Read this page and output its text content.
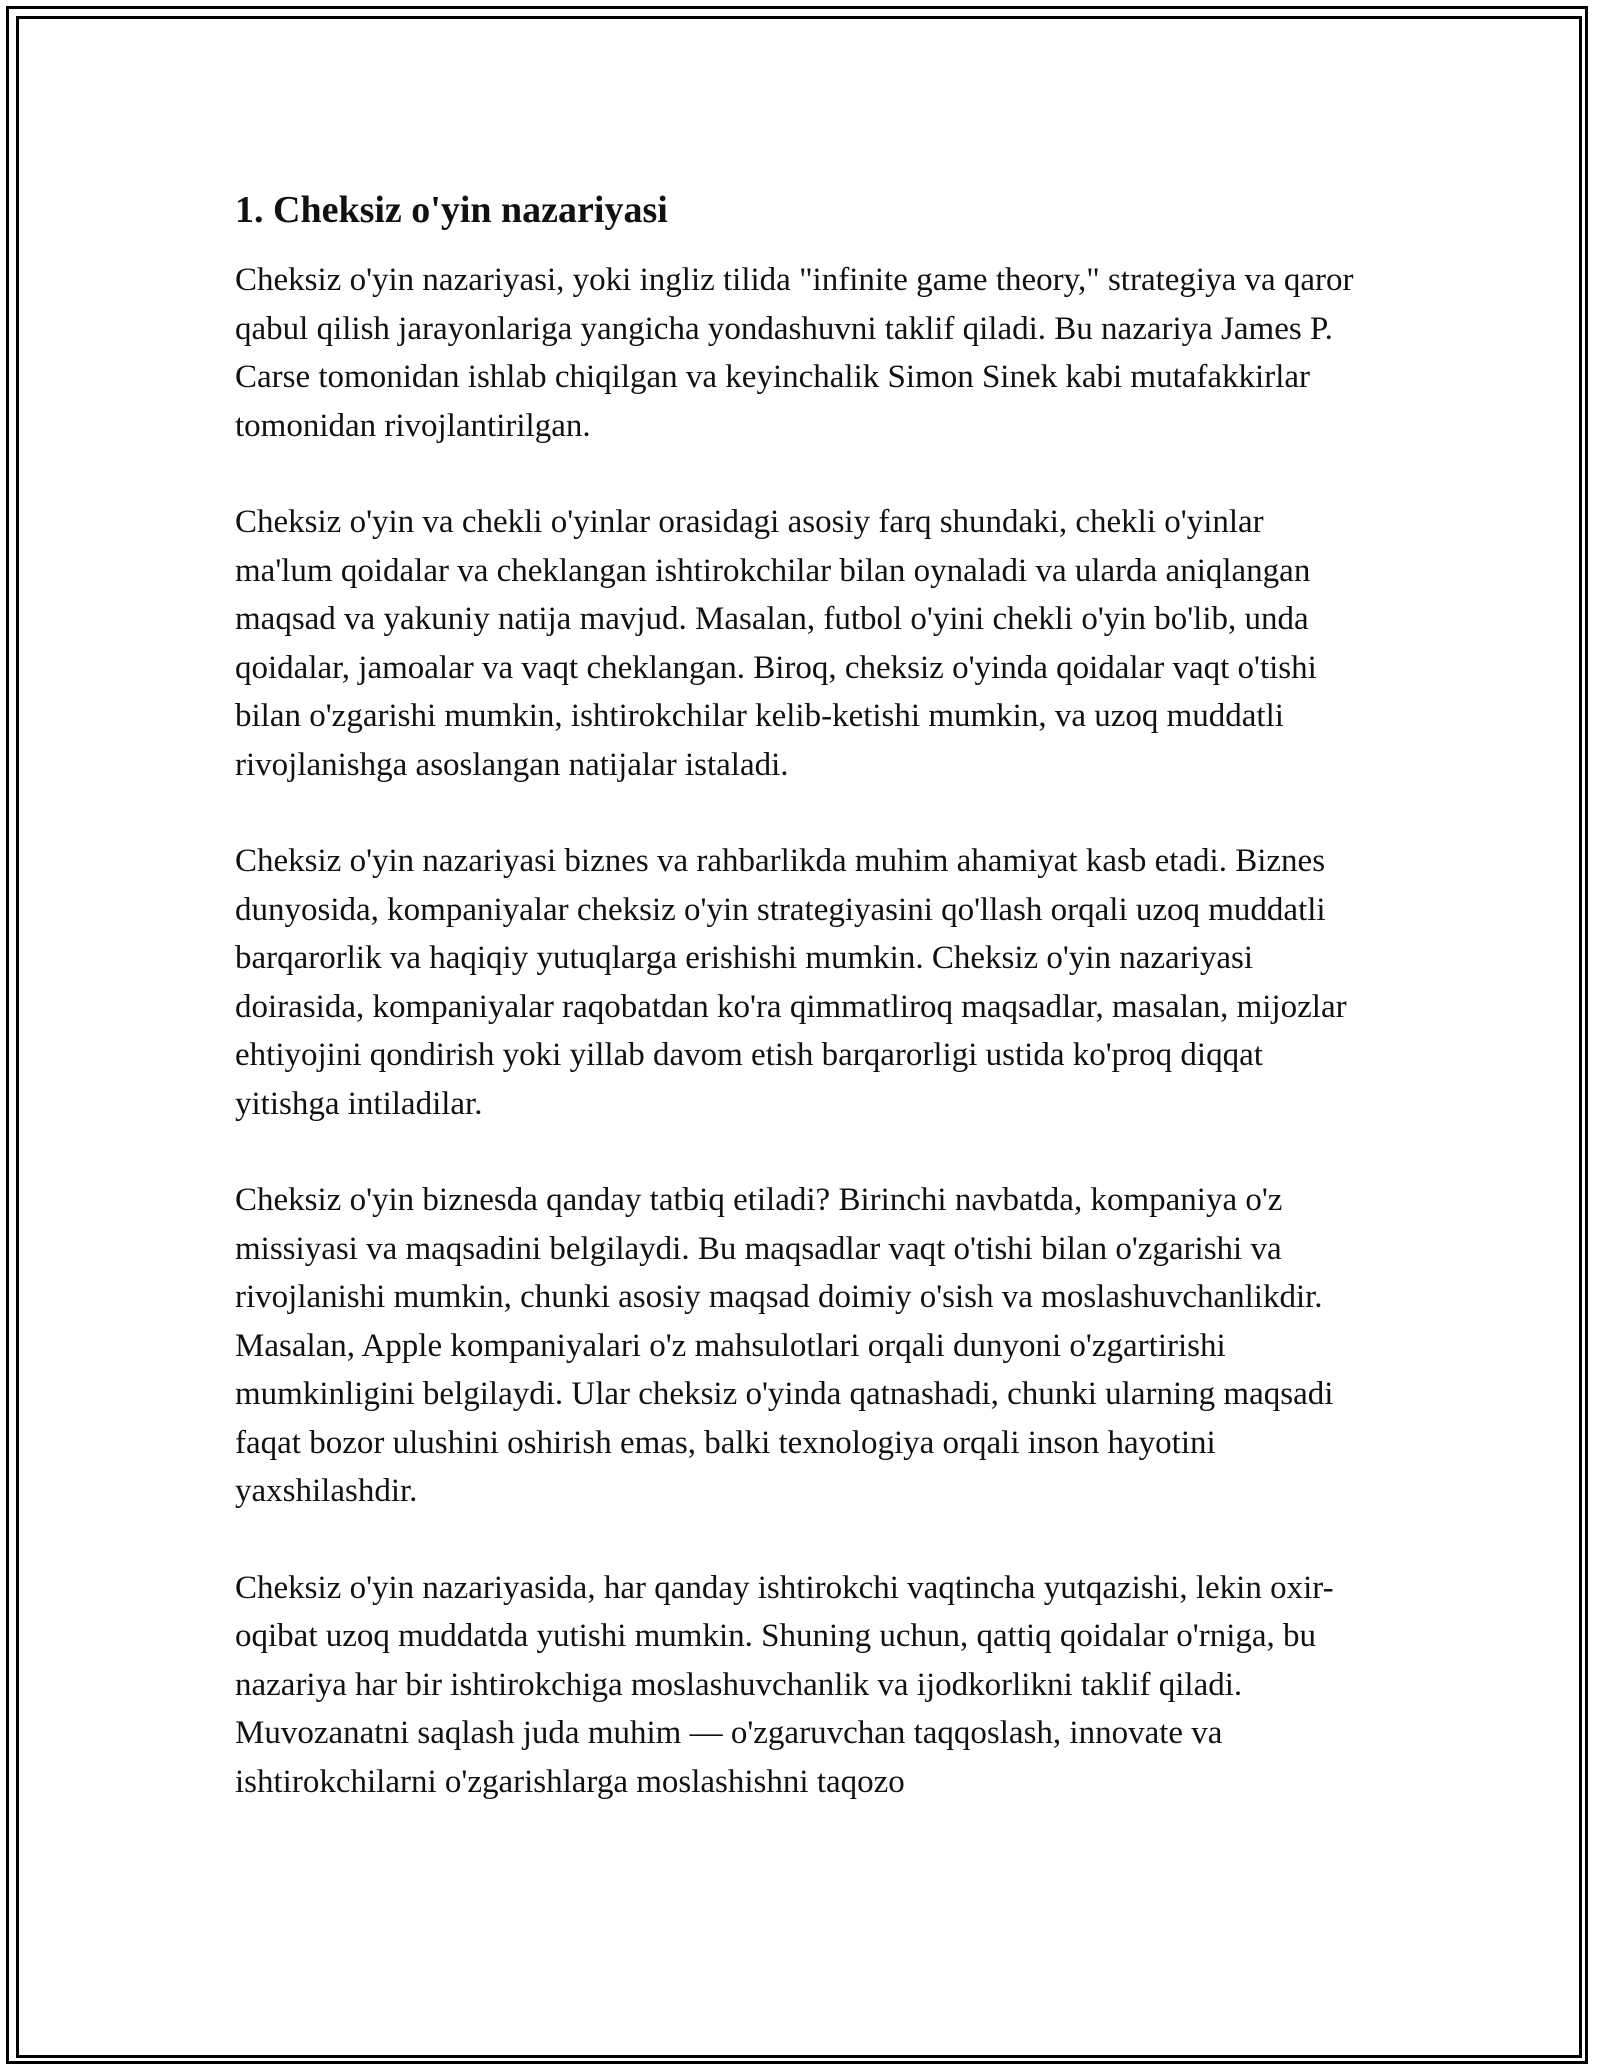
1. Cheksiz o'yin nazariyasi

Cheksiz o'yin nazariyasi, yoki ingliz tilida "infinite game theory," strategiya va qaror qabul qilish jarayonlariga yangicha yondashuvni taklif qiladi. Bu nazariya James P. Carse tomonidan ishlab chiqilgan va keyinchalik Simon Sinek kabi mutafakkirlar tomonidan rivojlantirilgan.

Cheksiz o'yin va chekli o'yinlar orasidagi asosiy farq shundaki, chekli o'yinlar ma'lum qoidalar va cheklangan ishtirokchilar bilan oynaladi va ularda aniqlangan maqsad va yakuniy natija mavjud. Masalan, futbol o'yini chekli o'yin bo'lib, unda qoidalar, jamoalar va vaqt cheklangan. Biroq, cheksiz o'yinda qoidalar vaqt o'tishi bilan o'zgarishi mumkin, ishtirokchilar kelib-ketishi mumkin, va uzoq muddatli rivojlanishga asoslangan natijalar istaladi.

Cheksiz o'yin nazariyasi biznes va rahbarlikda muhim ahamiyat kasb etadi. Biznes dunyosida, kompaniyalar cheksiz o'yin strategiyasini qo'llash orqali uzoq muddatli barqarorlik va haqiqiy yutuqlarga erishishi mumkin. Cheksiz o'yin nazariyasi doirasida, kompaniyalar raqobatdan ko'ra qimmatliroq maqsadlar, masalan, mijozlar ehtiyojini qondirish yoki yillab davom etish barqarorligi ustida ko'proq diqqat yitishga intiladilar.

Cheksiz o'yin biznesda qanday tatbiq etiladi? Birinchi navbatda, kompaniya o'z missiyasi va maqsadini belgilaydi. Bu maqsadlar vaqt o'tishi bilan o'zgarishi va rivojlanishi mumkin, chunki asosiy maqsad doimiy o'sish va moslashuvchanlikdir. Masalan, Apple kompaniyalari o'z mahsulotlari orqali dunyoni o'zgartirishi mumkinligini belgilaydi. Ular cheksiz o'yinda qatnashadi, chunki ularning maqsadi faqat bozor ulushini oshirish emas, balki texnologiya orqali inson hayotini yaxshilashdir.

Cheksiz o'yin nazariyasida, har qanday ishtirokchi vaqtincha yutqazishi, lekin oxir-oqibat uzoq muddatda yutishi mumkin. Shuning uchun, qattiq qoidalar o'rniga, bu nazariya har bir ishtirokchiga moslashuvchanlik va ijodkorlikni taklif qiladi. Muvozanatni saqlash juda muhim — o'zgaruvchan taqqoslash, innovate va ishtirokchilarni o'zgarishlarga moslashishni taqozo
